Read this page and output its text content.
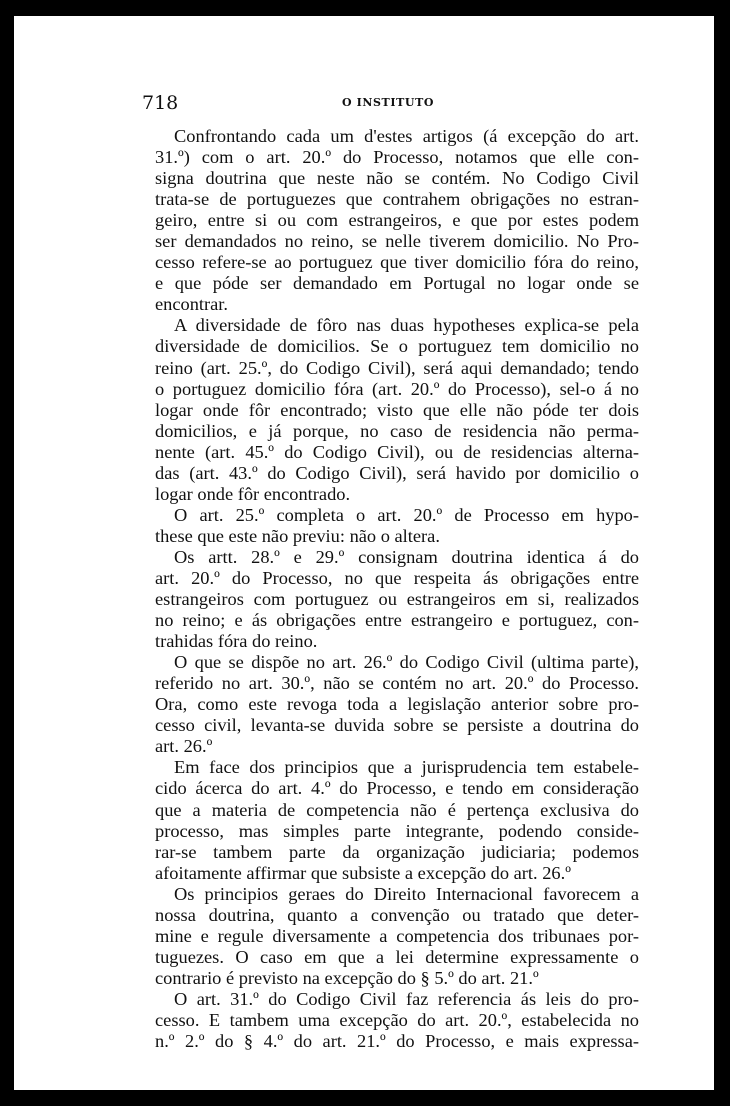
718	O INSTITUTO
Confrontando cada um d'estes artigos (á excepção do art.
31.º) com o art. 20.º do Processo, notamos que elle con-
signa doutrina que neste não se contém. No Codigo Civil
trata-se de portuguezes que contrahem obrigações no estran-
geiro, entre si ou com estrangeiros, e que por estes podem
ser demandados no reino, se nelle tiverem domicilio. No Pro-
cesso refere-se ao portuguez que tiver domicilio fóra do reino,
e que póde ser demandado em Portugal no logar onde se
encontrar.
A diversidade de fôro nas duas hypotheses explica-se pela
diversidade de domicilios. Se o portuguez tem domicilio no
reino (art. 25.º, do Codigo Civil), será aqui demandado; tendo
o portuguez domicilio fóra (art. 20.º do Processo), sel-o á no
logar onde fôr encontrado; visto que elle não póde ter dois
domicilios, e já porque, no caso de residencia não perma-
nente (art. 45.º do Codigo Civil), ou de residencias alterna-
das (art. 43.º do Codigo Civil), será havido por domicilio o
logar onde fôr encontrado.
O art. 25.º completa o art. 20.º de Processo em hypo-
these que este não previu: não o altera.
Os artt. 28.º e 29.º consignam doutrina identica á do
art. 20.º do Processo, no que respeita ás obrigações entre
estrangeiros com portuguez ou estrangeiros em si, realizados
no reino; e ás obrigações entre estrangeiro e portuguez, con-
trahidas fóra do reino.
O que se dispõe no art. 26.º do Codigo Civil (ultima parte),
referido no art. 30.º, não se contém no art. 20.º do Processo.
Ora, como este revoga toda a legislação anterior sobre pro-
cesso civil, levanta-se duvida sobre se persiste a doutrina do
art. 26.º
Em face dos principios que a jurisprudencia tem estabele-
cido ácerca do art. 4.º do Processo, e tendo em consideração
que a materia de competencia não é pertença exclusiva do
processo, mas simples parte integrante, podendo conside-
rar-se tambem parte da organização judiciaria; podemos
afoitamente affirmar que subsiste a excepção do art. 26.º
Os principios geraes do Direito Internacional favorecem a
nossa doutrina, quanto a convenção ou tratado que deter-
mine e regule diversamente a competencia dos tribunaes por-
tuguezes. O caso em que a lei determine expressamente o
contrario é previsto na excepção do § 5.º do art. 21.º
O art. 31.º do Codigo Civil faz referencia ás leis do pro-
cesso. E tambem uma excepção do art. 20.º, estabelecida no
n.º 2.º do § 4.º do art. 21.º do Processo, e mais expressa-
